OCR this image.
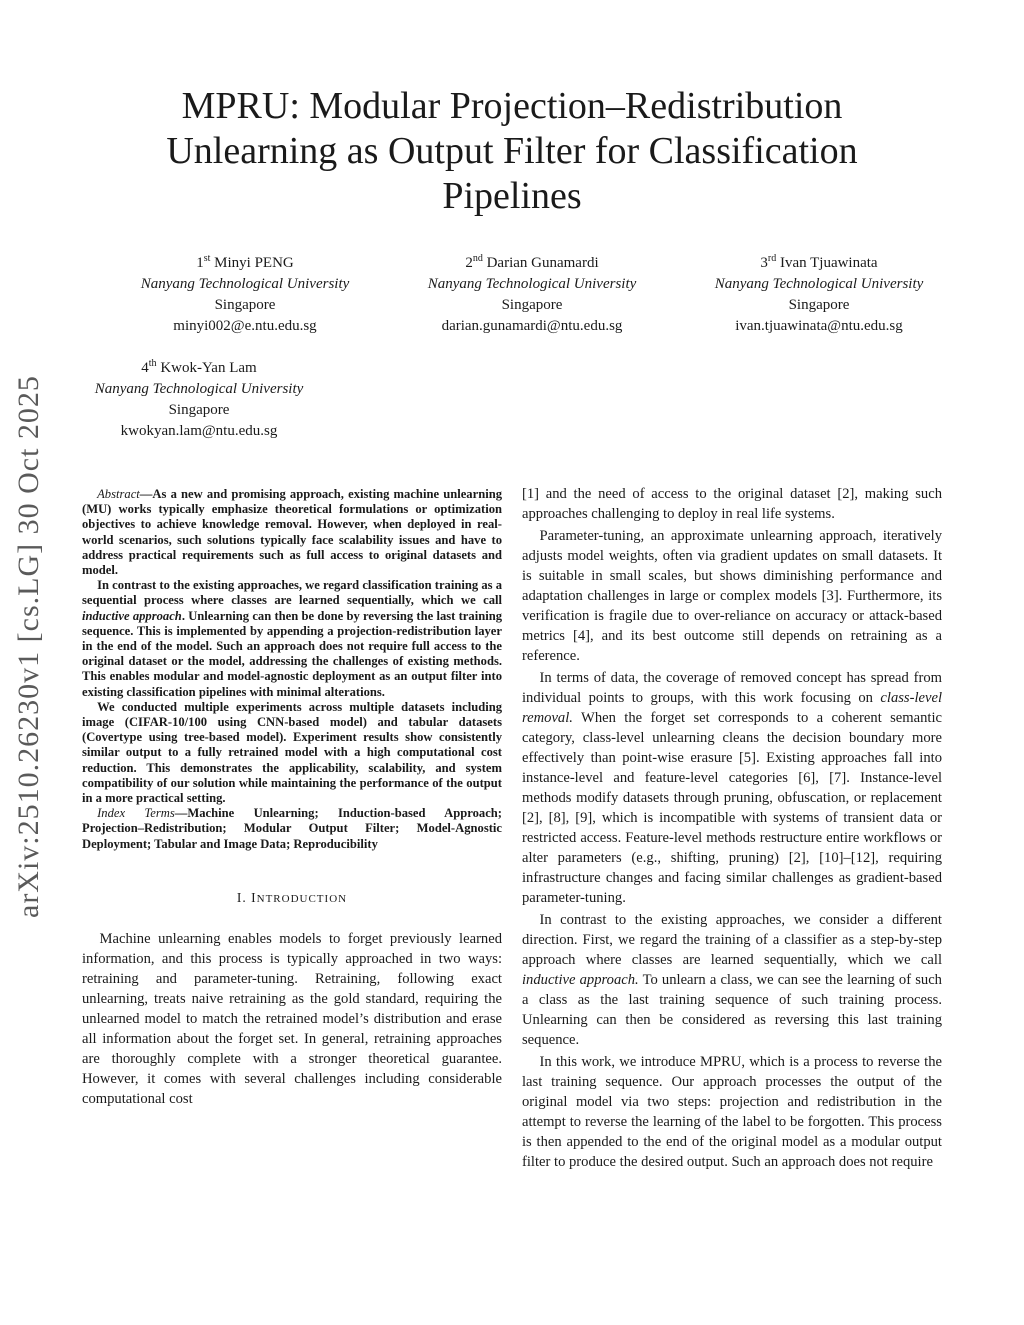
MPRU: Modular Projection–Redistribution
Unlearning as Output Filter for Classification
Pipelines
1st Minyi PENG
Nanyang Technological University
Singapore
minyi002@e.ntu.edu.sg
2nd Darian Gunamardi
Nanyang Technological University
Singapore
darian.gunamardi@ntu.edu.sg
3rd Ivan Tjuawinata
Nanyang Technological University
Singapore
ivan.tjuawinata@ntu.edu.sg
4th Kwok-Yan Lam
Nanyang Technological University
Singapore
kwokyan.lam@ntu.edu.sg
arXiv:2510.26230v1 [cs.LG] 30 Oct 2025	Abstract—As a new and promising approach, existing machine unlearning (MU) works typically emphasize theoretical formulations or optimization objectives to achieve knowledge removal. However, when deployed in real-world scenarios, such solutions typically face scalability issues and have to address practical requirements such as full access to original datasets and model.

In contrast to the existing approaches, we regard classification training as a sequential process where classes are learned sequentially, which we call inductive approach. Unlearning can then be done by reversing the last training sequence. This is implemented by appending a projection-redistribution layer in the end of the model. Such an approach does not require full access to the original dataset or the model, addressing the challenges of existing methods. This enables modular and model-agnostic deployment as an output filter into existing classification pipelines with minimal alterations.

We conducted multiple experiments across multiple datasets including image (CIFAR-10/100 using CNN-based model) and tabular datasets (Covertype using tree-based model). Experiment results show consistently similar output to a fully retrained model with a high computational cost reduction. This demonstrates the applicability, scalability, and system compatibility of our solution while maintaining the performance of the output in a more practical setting.

Index Terms—Machine Unlearning; Induction-based Approach; Projection–Redistribution; Modular Output Filter; Model-Agnostic Deployment; Tabular and Image Data; Reproducibility

I. INTRODUCTION

Machine unlearning enables models to forget previously learned information, and this process is typically approached in two ways: retraining and parameter-tuning. Retraining, following exact unlearning, treats naive retraining as the gold standard, requiring the unlearned model to match the retrained model’s distribution and erase all information about the forget set. In general, retraining approaches are thoroughly complete with a stronger theoretical guarantee. However, it comes with several challenges including considerable computational cost

[1] and the need of access to the original dataset [2], making such approaches challenging to deploy in real life systems.

Parameter-tuning, an approximate unlearning approach, iteratively adjusts model weights, often via gradient updates on small datasets. It is suitable in small scales, but shows diminishing performance and adaptation challenges in large or complex models [3]. Furthermore, its verification is fragile due to over-reliance on accuracy or attack-based metrics [4], and its best outcome still depends on retraining as a reference.

In terms of data, the coverage of removed concept has spread from individual points to groups, with this work focusing on class-level removal. When the forget set corresponds to a coherent semantic category, class-level unlearning cleans the decision boundary more effectively than point-wise erasure [5]. Existing approaches fall into instance-level and feature-level categories [6], [7]. Instance-level methods modify datasets through pruning, obfuscation, or replacement [2], [8], [9], which is incompatible with systems of transient data or restricted access. Feature-level methods restructure entire workflows or alter parameters (e.g., shifting, pruning) [2], [10]–[12], requiring infrastructure changes and facing similar challenges as gradient-based parameter-tuning.

In contrast to the existing approaches, we consider a different direction. First, we regard the training of a classifier as a step-by-step approach where classes are learned sequentially, which we call inductive approach. To unlearn a class, we can see the learning of such a class as the last training sequence of such training process. Unlearning can then be considered as reversing this last training sequence.

In this work, we introduce MPRU, which is a process to reverse the last training sequence. Our approach processes the output of the original model via two steps: projection and redistribution in the attempt to reverse the learning of the label to be forgotten. This process is then appended to the end of the original model as a modular output filter to produce the desired output. Such an approach does not require
